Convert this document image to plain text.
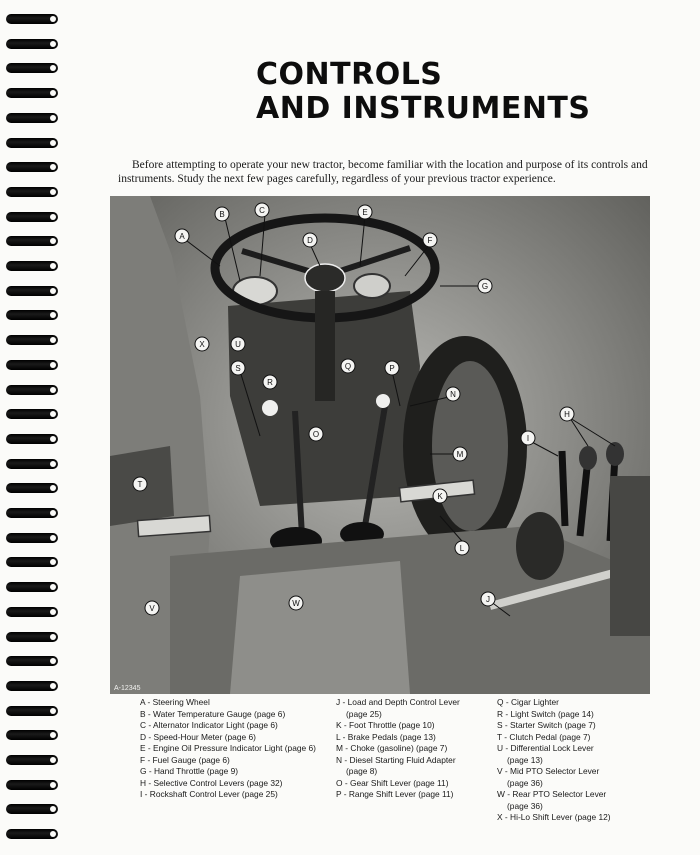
CONTROLS
AND INSTRUMENTS

Before attempting to operate your new tractor, become familiar with the location and purpose of its controls and instruments. Study the next few pages carefully, regardless of your previous tractor experience.

A
B	C
D
E
F
G
H
I
J
K
L
M
N
O
P
Q
R
S
T
U
V
W
X
A-12345
A - Steering Wheel
B - Water Temperature Gauge (page 6)
C - Alternator Indicator Light (page 6)
D - Speed-Hour Meter (page 6)
E - Engine Oil Pressure Indicator Light (page 6)
F - Fuel Gauge (page 6)
G - Hand Throttle (page 9)
H - Selective Control Levers (page 32)
I - Rockshaft Control Lever (page 25)
J - Load and Depth Control Lever
(page 25)
K - Foot Throttle (page 10)
L - Brake Pedals (page 13)
M - Choke (gasoline) (page 7)
N - Diesel Starting Fluid Adapter
(page 8)
O - Gear Shift Lever (page 11)
P - Range Shift Lever (page 11)
Q - Cigar Lighter
R - Light Switch (page 14)
S - Starter Switch (page 7)
T - Clutch Pedal (page 7)
U - Differential Lock Lever
(page 13)
V - Mid PTO Selector Lever
(page 36)
W - Rear PTO Selector Lever
(page 36)
X - Hi-Lo Shift Lever (page 12)
